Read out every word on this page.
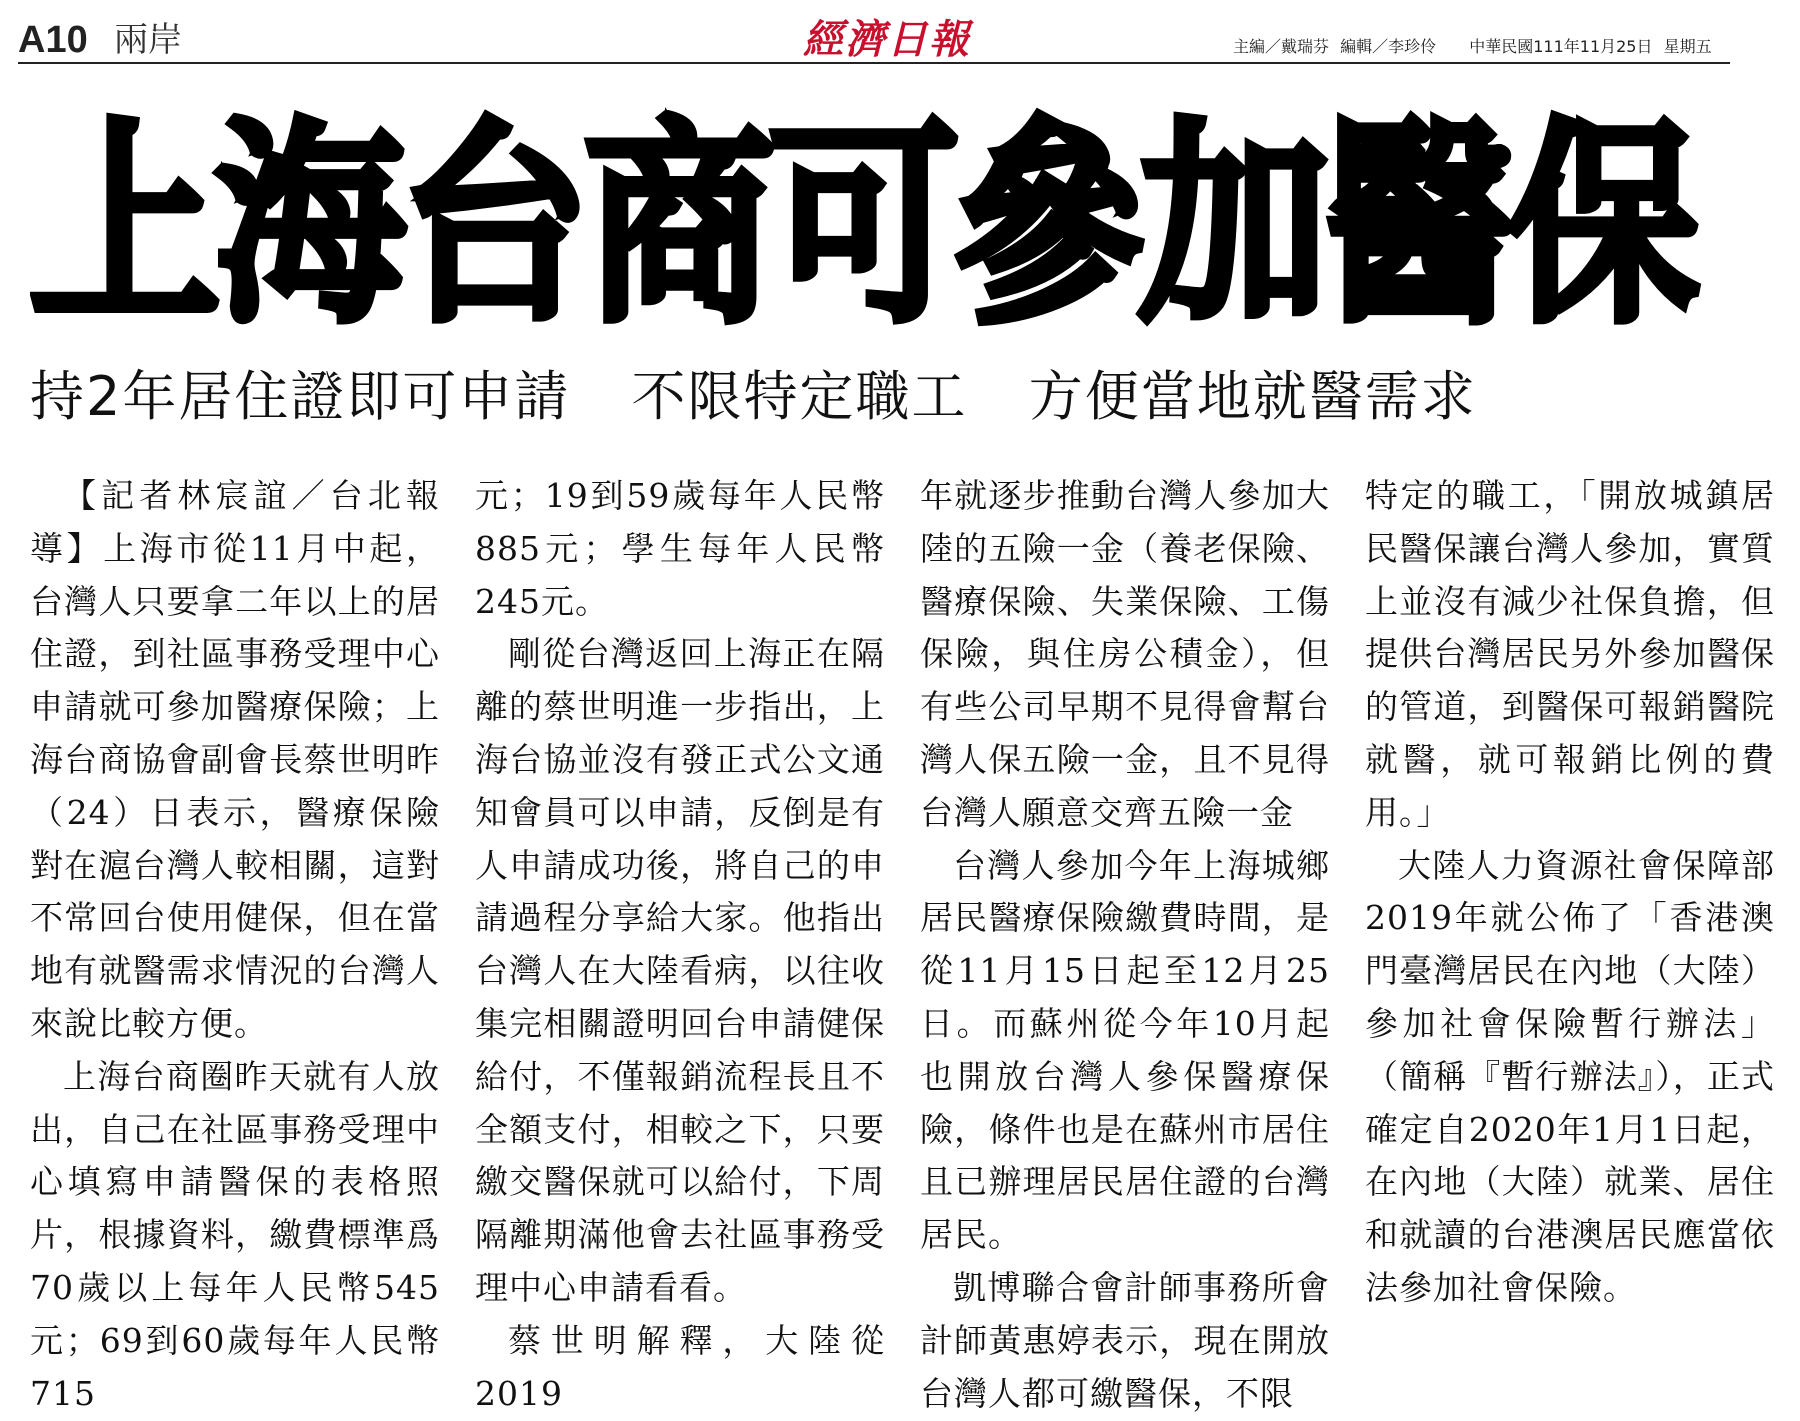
A10 兩岸	經濟日報	主編／戴瑞芬 編輯／李珍伶 中華民國111年11月25日 星期五
上海台商可參加醫保
持2年居住證即可申請 不限特定職工 方便當地就醫需求

【記者林宸誼／台北報導】上海市從11月中起，台灣人只要拿二年以上的居住證，到社區事務受理中心申請就可參加醫療保險；上海台商協會副會長蔡世明昨（24）日表示，醫療保險對在滬台灣人較相關，這對不常回台使用健保，但在當地有就醫需求情況的台灣人來說比較方便。

上海台商圈昨天就有人放出，自己在社區事務受理中心填寫申請醫保的表格照片，根據資料，繳費標準爲70歲以上每年人民幣545元；69到60歲每年人民幣715

元；19到59歲每年人民幣885元；學生每年人民幣245元。

剛從台灣返回上海正在隔離的蔡世明進一步指出，上海台協並沒有發正式公文通知會員可以申請，反倒是有人申請成功後，將自己的申請過程分享給大家。他指出台灣人在大陸看病，以往收集完相關證明回台申請健保給付，不僅報銷流程長且不全額支付，相較之下，只要繳交醫保就可以給付，下周隔離期滿他會去社區事務受理中心申請看看。

蔡世明解釋，大陸從2019

年就逐步推動台灣人參加大陸的五險一金（養老保險、醫療保險、失業保險、工傷保險，與住房公積金），但有些公司早期不見得會幫台灣人保五險一金，且不見得台灣人願意交齊五險一金

台灣人參加今年上海城鄉居民醫療保險繳費時間，是從11月15日起至12月25日。而蘇州從今年10月起也開放台灣人參保醫療保險，條件也是在蘇州市居住且已辦理居民居住證的台灣居民。

凱博聯合會計師事務所會計師黃惠婷表示，現在開放台灣人都可繳醫保，不限

特定的職工，「開放城鎮居民醫保讓台灣人參加，實質上並沒有減少社保負擔，但提供台灣居民另外參加醫保的管道，到醫保可報銷醫院就醫，就可報銷比例的費用。」

大陸人力資源社會保障部2019年就公佈了「香港澳門臺灣居民在內地（大陸）參加社會保險暫行辦法」（簡稱『暫行辦法』），正式確定自2020年1月1日起，在內地（大陸）就業、居住和就讀的台港澳居民應當依法參加社會保險。
